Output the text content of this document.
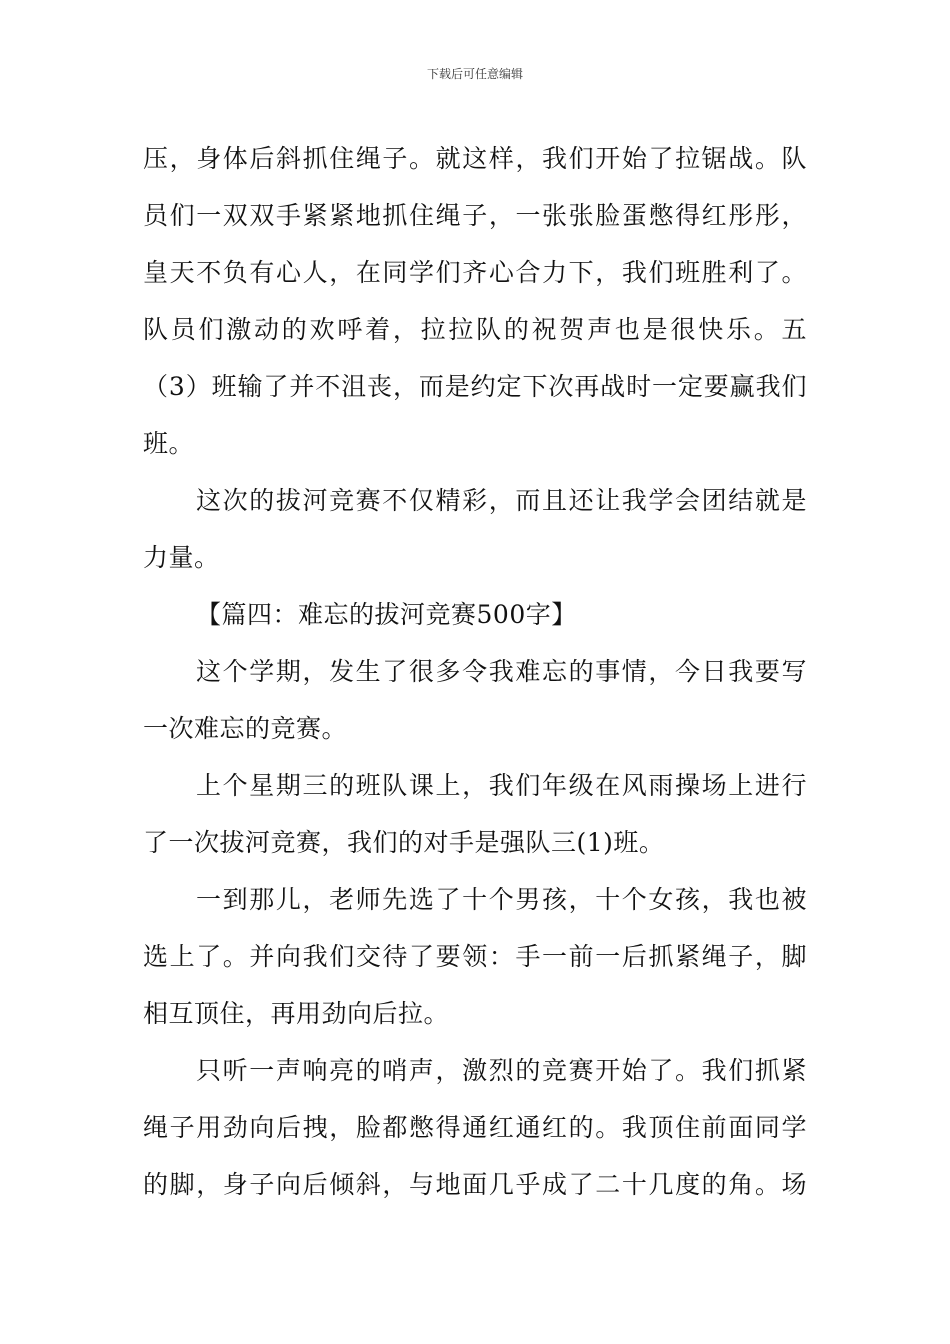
下载后可任意编辑
压，身体后斜抓住绳子。就这样，我们开始了拉锯战。队
员们一双双手紧紧地抓住绳子，一张张脸蛋憋得红彤彤，
皇天不负有心人，在同学们齐心合力下，我们班胜利了。
队员们激动的欢呼着，拉拉队的祝贺声也是很快乐。五
（3）班输了并不沮丧，而是约定下次再战时一定要赢我们
班。
这次的拔河竞赛不仅精彩，而且还让我学会团结就是
力量。
【篇四：难忘的拔河竞赛500字】
这个学期，发生了很多令我难忘的事情，今日我要写
一次难忘的竞赛。
上个星期三的班队课上，我们年级在风雨操场上进行
了一次拔河竞赛，我们的对手是强队三(1)班。
一到那儿，老师先选了十个男孩，十个女孩，我也被
选上了。并向我们交待了要领：手一前一后抓紧绳子，脚
相互顶住，再用劲向后拉。
只听一声响亮的哨声，激烈的竞赛开始了。我们抓紧
绳子用劲向后拽，脸都憋得通红通红的。我顶住前面同学
的脚，身子向后倾斜，与地面几乎成了二十几度的角。场
